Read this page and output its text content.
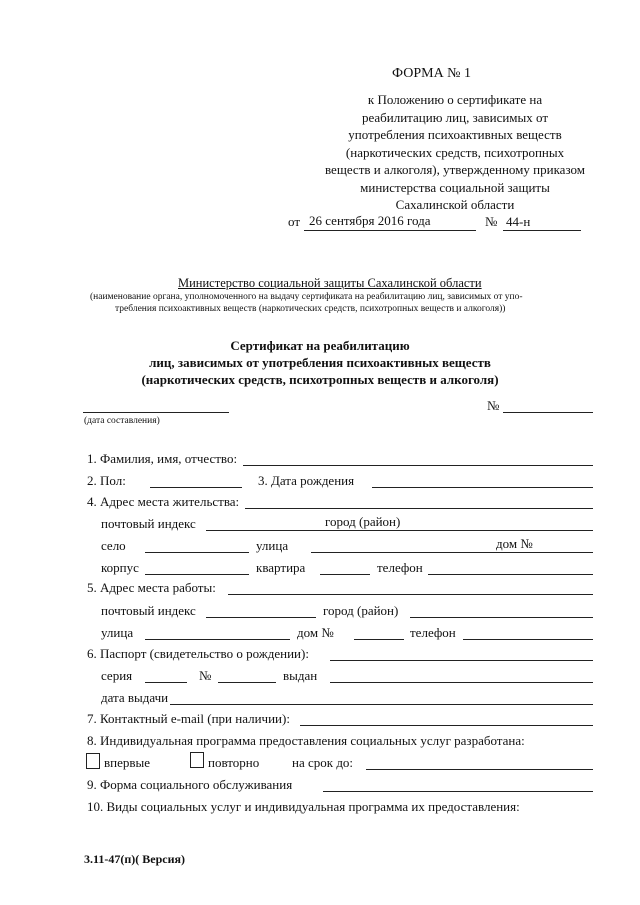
ФОРМА № 1
к Положению о сертификате на
реабилитацию лиц, зависимых от
употребления психоактивных веществ
(наркотических средств, психотропных
веществ и алкоголя), утвержденному приказом
министерства социальной защиты
Сахалинской области
от 26 сентября 2016 года	№ 44-н
Министерство социальной защиты Сахалинской области
(наименование органа, уполномоченного на выдачу сертификата на реабилитацию лиц, зависимых от упо-
требления психоактивных веществ (наркотических средств, психотропных веществ и алкоголя))
Сертификат на реабилитацию
лиц, зависимых от употребления психоактивных веществ
(наркотических средств, психотропных веществ и алкоголя)
(дата составления)
№
1. Фамилия, имя, отчество:
2. Пол:	3. Дата рождения
4. Адрес места жительства:
почтовый индекс	город (район)
село	улица	дом №
корпус	квартира	телефон
5. Адрес места работы:
почтовый индекс	город (район)
улица	дом №	телефон
6. Паспорт (свидетельство о рождении):
серия	№	выдан
дата выдачи
7. Контактный e-mail (при наличии):
8. Индивидуальная программа предоставления социальных услуг разработана:
впервые	повторно	на срок до:
9. Форма социального обслуживания
10. Виды социальных услуг и индивидуальная программа их предоставления:
3.11-47(п)( Версия)
